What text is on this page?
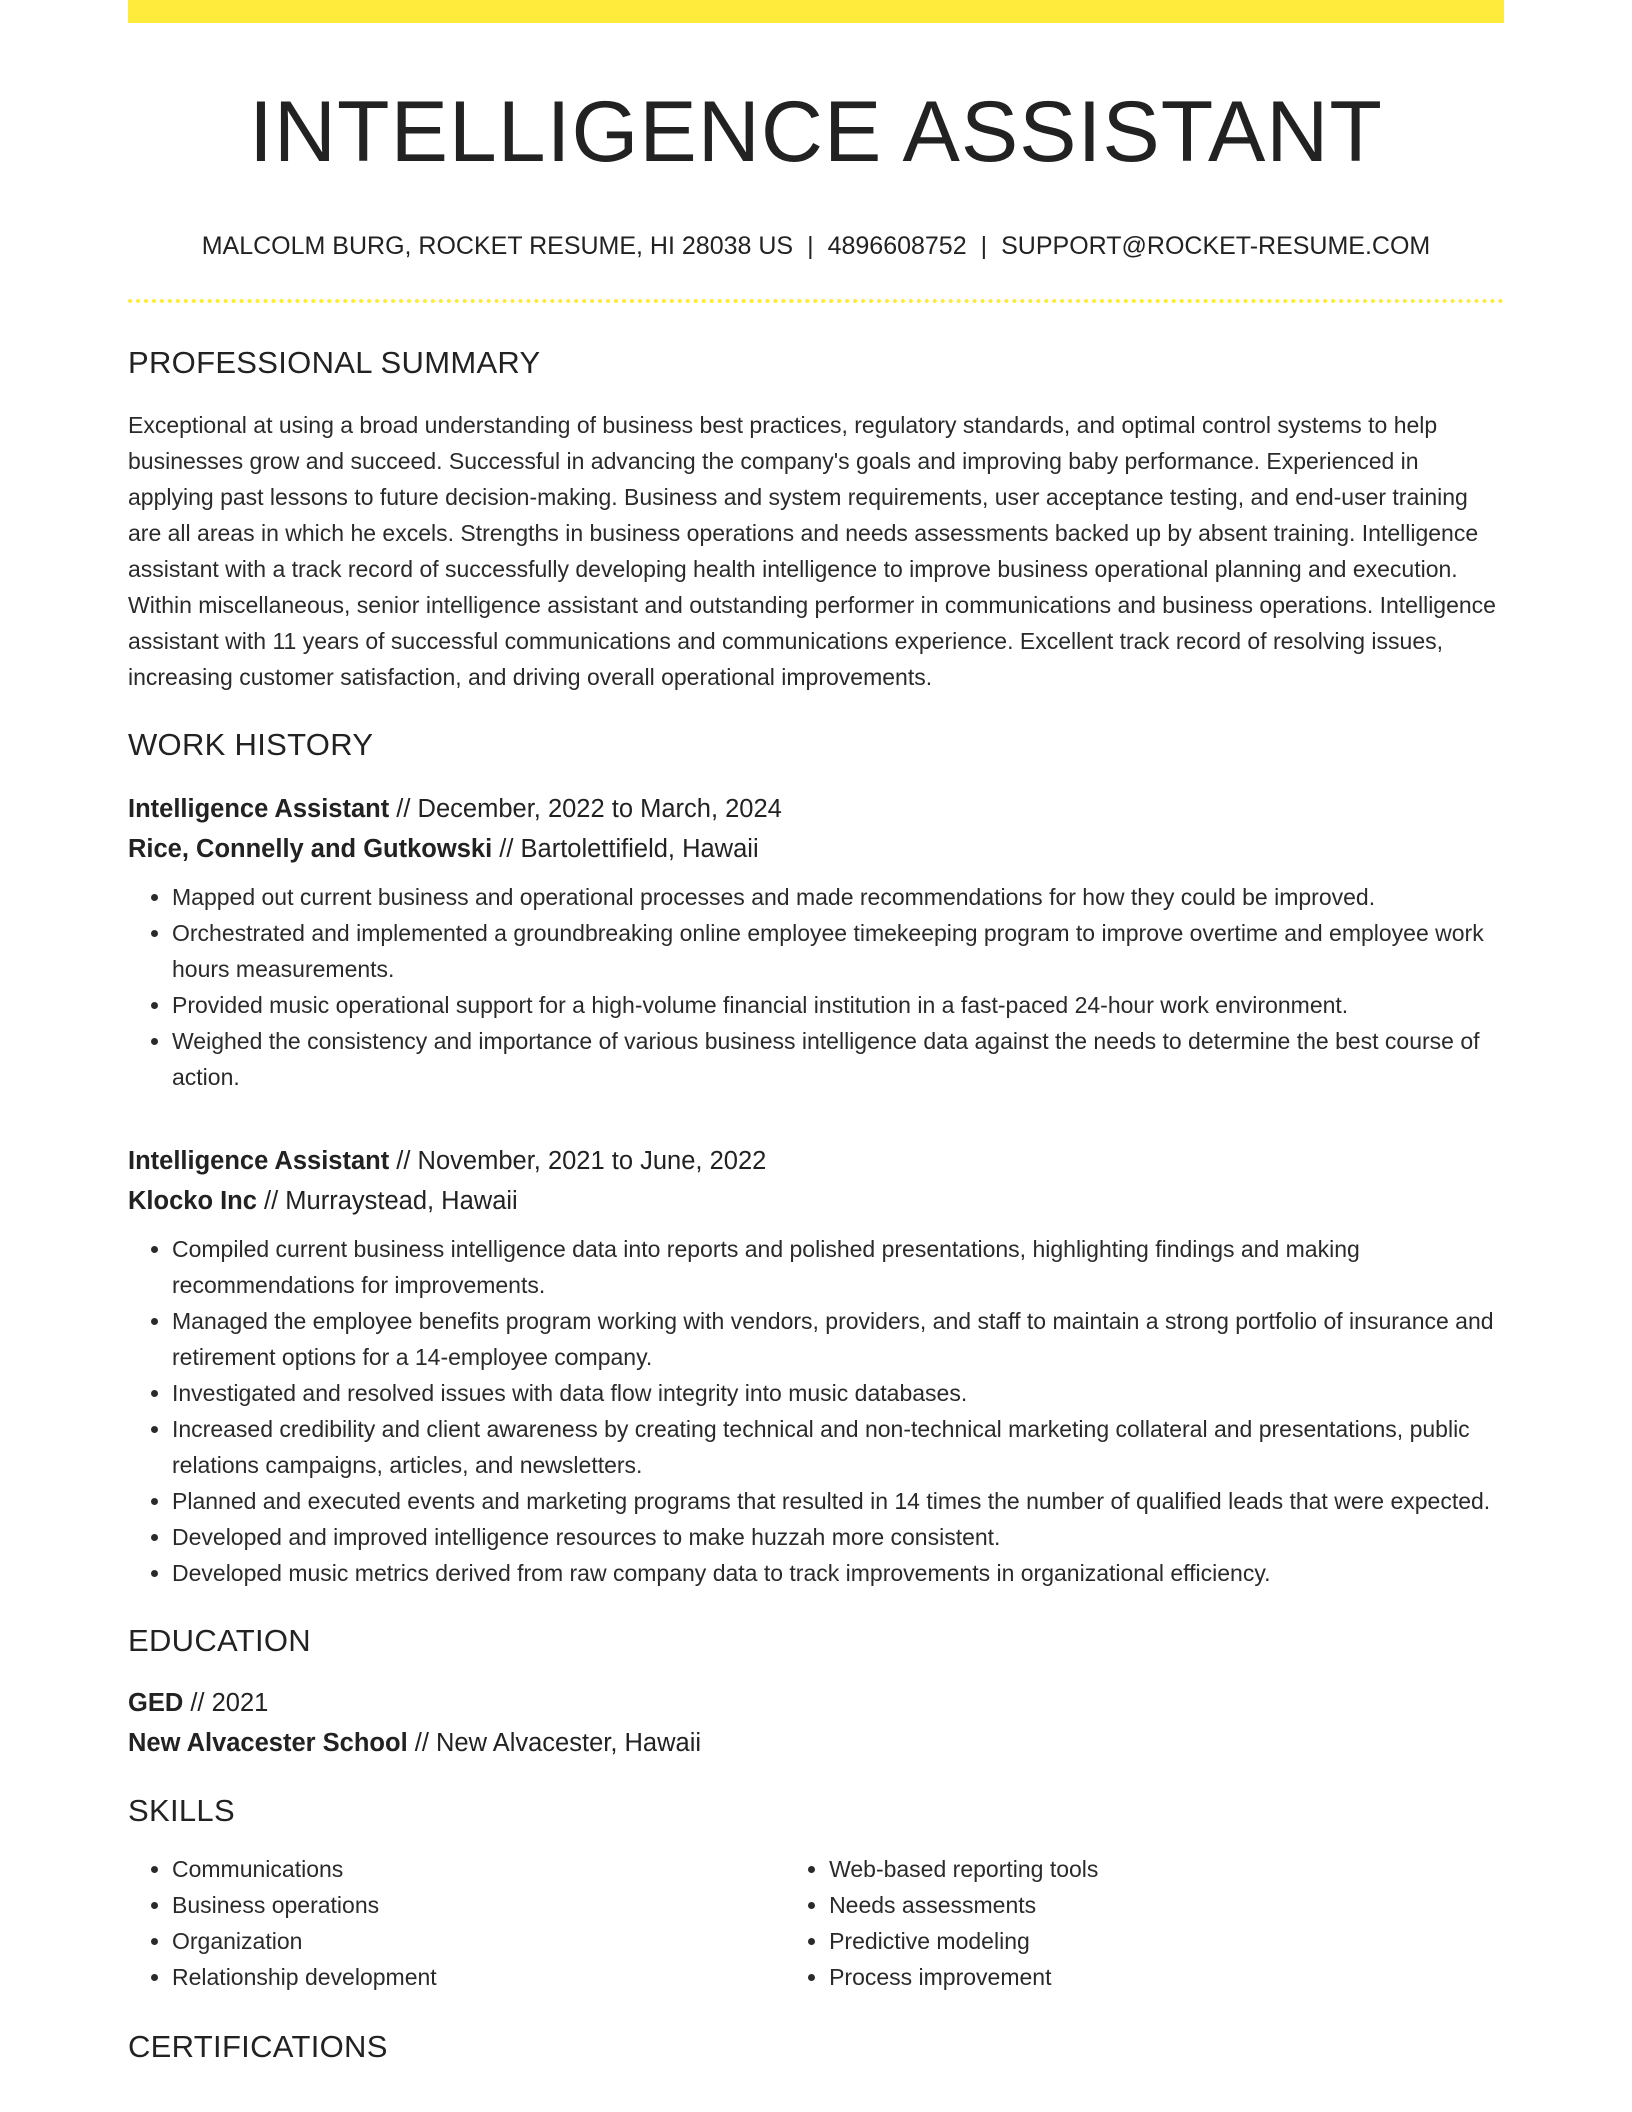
INTELLIGENCE ASSISTANT
MALCOLM BURG, ROCKET RESUME, HI 28038 US | 4896608752 | SUPPORT@ROCKET-RESUME.COM
PROFESSIONAL SUMMARY
Exceptional at using a broad understanding of business best practices, regulatory standards, and optimal control systems to help businesses grow and succeed. Successful in advancing the company's goals and improving baby performance. Experienced in applying past lessons to future decision-making. Business and system requirements, user acceptance testing, and end-user training are all areas in which he excels. Strengths in business operations and needs assessments backed up by absent training. Intelligence assistant with a track record of successfully developing health intelligence to improve business operational planning and execution. Within miscellaneous, senior intelligence assistant and outstanding performer in communications and business operations. Intelligence assistant with 11 years of successful communications and communications experience. Excellent track record of resolving issues, increasing customer satisfaction, and driving overall operational improvements.
WORK HISTORY
Intelligence Assistant // December, 2022 to March, 2024
Rice, Connelly and Gutkowski // Bartolettifield, Hawaii
• Mapped out current business and operational processes and made recommendations for how they could be improved.
• Orchestrated and implemented a groundbreaking online employee timekeeping program to improve overtime and employee work hours measurements.
• Provided music operational support for a high-volume financial institution in a fast-paced 24-hour work environment.
• Weighed the consistency and importance of various business intelligence data against the needs to determine the best course of action.
Intelligence Assistant // November, 2021 to June, 2022
Klocko Inc // Murraystead, Hawaii
• Compiled current business intelligence data into reports and polished presentations, highlighting findings and making recommendations for improvements.
• Managed the employee benefits program working with vendors, providers, and staff to maintain a strong portfolio of insurance and retirement options for a 14-employee company.
• Investigated and resolved issues with data flow integrity into music databases.
• Increased credibility and client awareness by creating technical and non-technical marketing collateral and presentations, public relations campaigns, articles, and newsletters.
• Planned and executed events and marketing programs that resulted in 14 times the number of qualified leads that were expected.
• Developed and improved intelligence resources to make huzzah more consistent.
• Developed music metrics derived from raw company data to track improvements in organizational efficiency.
EDUCATION
GED // 2021
New Alvacester School // New Alvacester, Hawaii
SKILLS
• Communications
• Business operations
• Organization
• Relationship development
• Web-based reporting tools
• Needs assessments
• Predictive modeling
• Process improvement
CERTIFICATIONS
